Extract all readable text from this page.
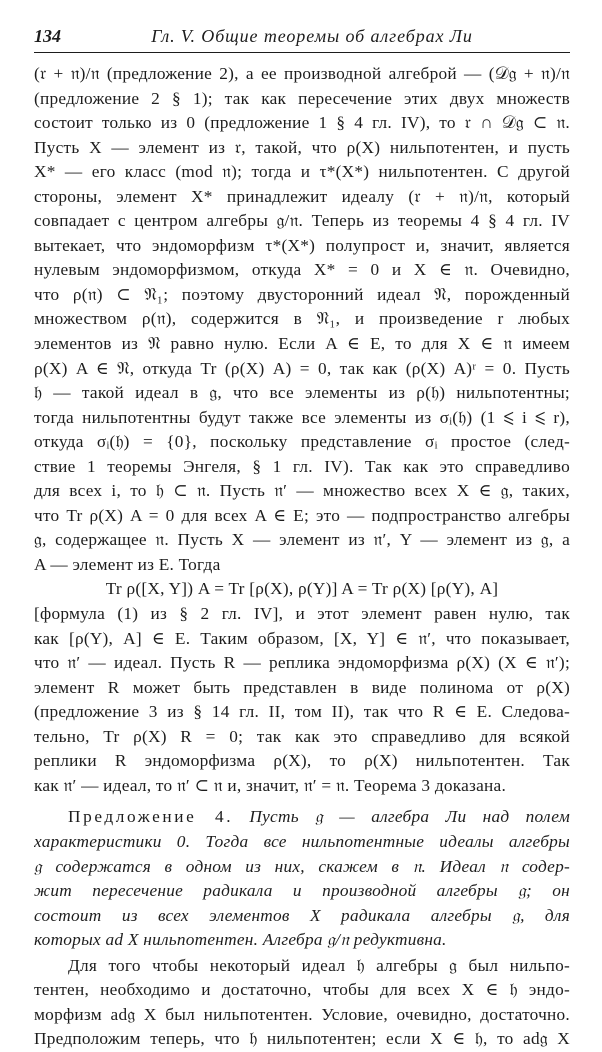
134	Гл. V. Общие теоремы об алгебрах Ли
(𝔯 + 𝔫)/𝔫 (предложение 2), а ее производной алгеброй — (𝒟𝔤 + 𝔫)/𝔫
(предложение 2 § 1); так как пересечение этих двух множеств
состоит только из 0 (предложение 1 § 4 гл. IV), то 𝔯 ∩ 𝒟𝔤 ⊂ 𝔫.
Пусть X — элемент из 𝔯, такой, что ρ(X) нильпотентен, и пусть
X* — его класс (mod 𝔫); тогда и τ*(X*) нильпотентен. С другой
стороны, элемент X* принадлежит идеалу (𝔯 + 𝔫)/𝔫, который
совпадает с центром алгебры 𝔤/𝔫. Теперь из теоремы 4 § 4 гл. IV
вытекает, что эндоморфизм τ*(X*) полупрост и, значит, является
нулевым эндоморфизмом, откуда X* = 0 и X ∈ 𝔫. Очевидно,
что ρ(𝔫) ⊂ 𝔑₁; поэтому двусторонний идеал 𝔑, порожденный
множеством ρ(𝔫), содержится в 𝔑₁, и произведение r любых
элементов из 𝔑 равно нулю. Если A ∈ E, то для X ∈ 𝔫 имеем
ρ(X) A ∈ 𝔑, откуда Tr (ρ(X) A) = 0, так как (ρ(X) A)ʳ = 0. Пусть
𝔥 — такой идеал в 𝔤, что все элементы из ρ(𝔥) нильпотентны;
тогда нильпотентны будут также все элементы из σᵢ(𝔥) (1 ⩽ i ⩽ r),
откуда σᵢ(𝔥) = {0}, поскольку представление σᵢ простое (след-
ствие 1 теоремы Энгеля, § 1 гл. IV). Так как это справедливо
для всех i, то 𝔥 ⊂ 𝔫. Пусть 𝔫′ — множество всех X ∈ 𝔤, таких,
что Tr ρ(X) A = 0 для всех A ∈ E; это — подпространство алгебры
𝔤, содержащее 𝔫. Пусть X — элемент из 𝔫′, Y — элемент из 𝔤, а
A — элемент из E. Тогда
Tr ρ([X, Y]) A = Tr [ρ(X), ρ(Y)] A = Tr ρ(X) [ρ(Y), A]
[формула (1) из § 2 гл. IV], и этот элемент равен нулю, так
как [ρ(Y), A] ∈ E. Таким образом, [X, Y] ∈ 𝔫′, что показывает,
что 𝔫′ — идеал. Пусть R — реплика эндоморфизма ρ(X) (X ∈ 𝔫′);
элемент R может быть представлен в виде полинома от ρ(X)
(предложение 3 из § 14 гл. II, том II), так что R ∈ E. Следова-
тельно, Tr ρ(X) R = 0; так как это справедливо для всякой
реплики R эндоморфизма ρ(X), то ρ(X) нильпотентен. Так
как 𝔫′ — идеал, то 𝔫′ ⊂ 𝔫 и, значит, 𝔫′ = 𝔫. Теорема 3 доказана.
Предложение 4. Пусть 𝔤 — алгебра Ли над полем
характеристики 0. Тогда все нильпотентные идеалы алгебры
𝔤 содержатся в одном из них, скажем в 𝔫. Идеал 𝔫 содер-
жит пересечение радикала и производной алгебры 𝔤; он
состоит из всех элементов X радикала алгебры 𝔤, для
которых ad X нильпотентен. Алгебра 𝔤/𝔫 редуктивна.
Для того чтобы некоторый идеал 𝔥 алгебры 𝔤 был нильпо-
тентен, необходимо и достаточно, чтобы для всех X ∈ 𝔥 эндо-
морфизм ad𝔤 X был нильпотентен. Условие, очевидно, достаточно.
Предположим теперь, что 𝔥 нильпотентен; если X ∈ 𝔥, то ad𝔤 X
